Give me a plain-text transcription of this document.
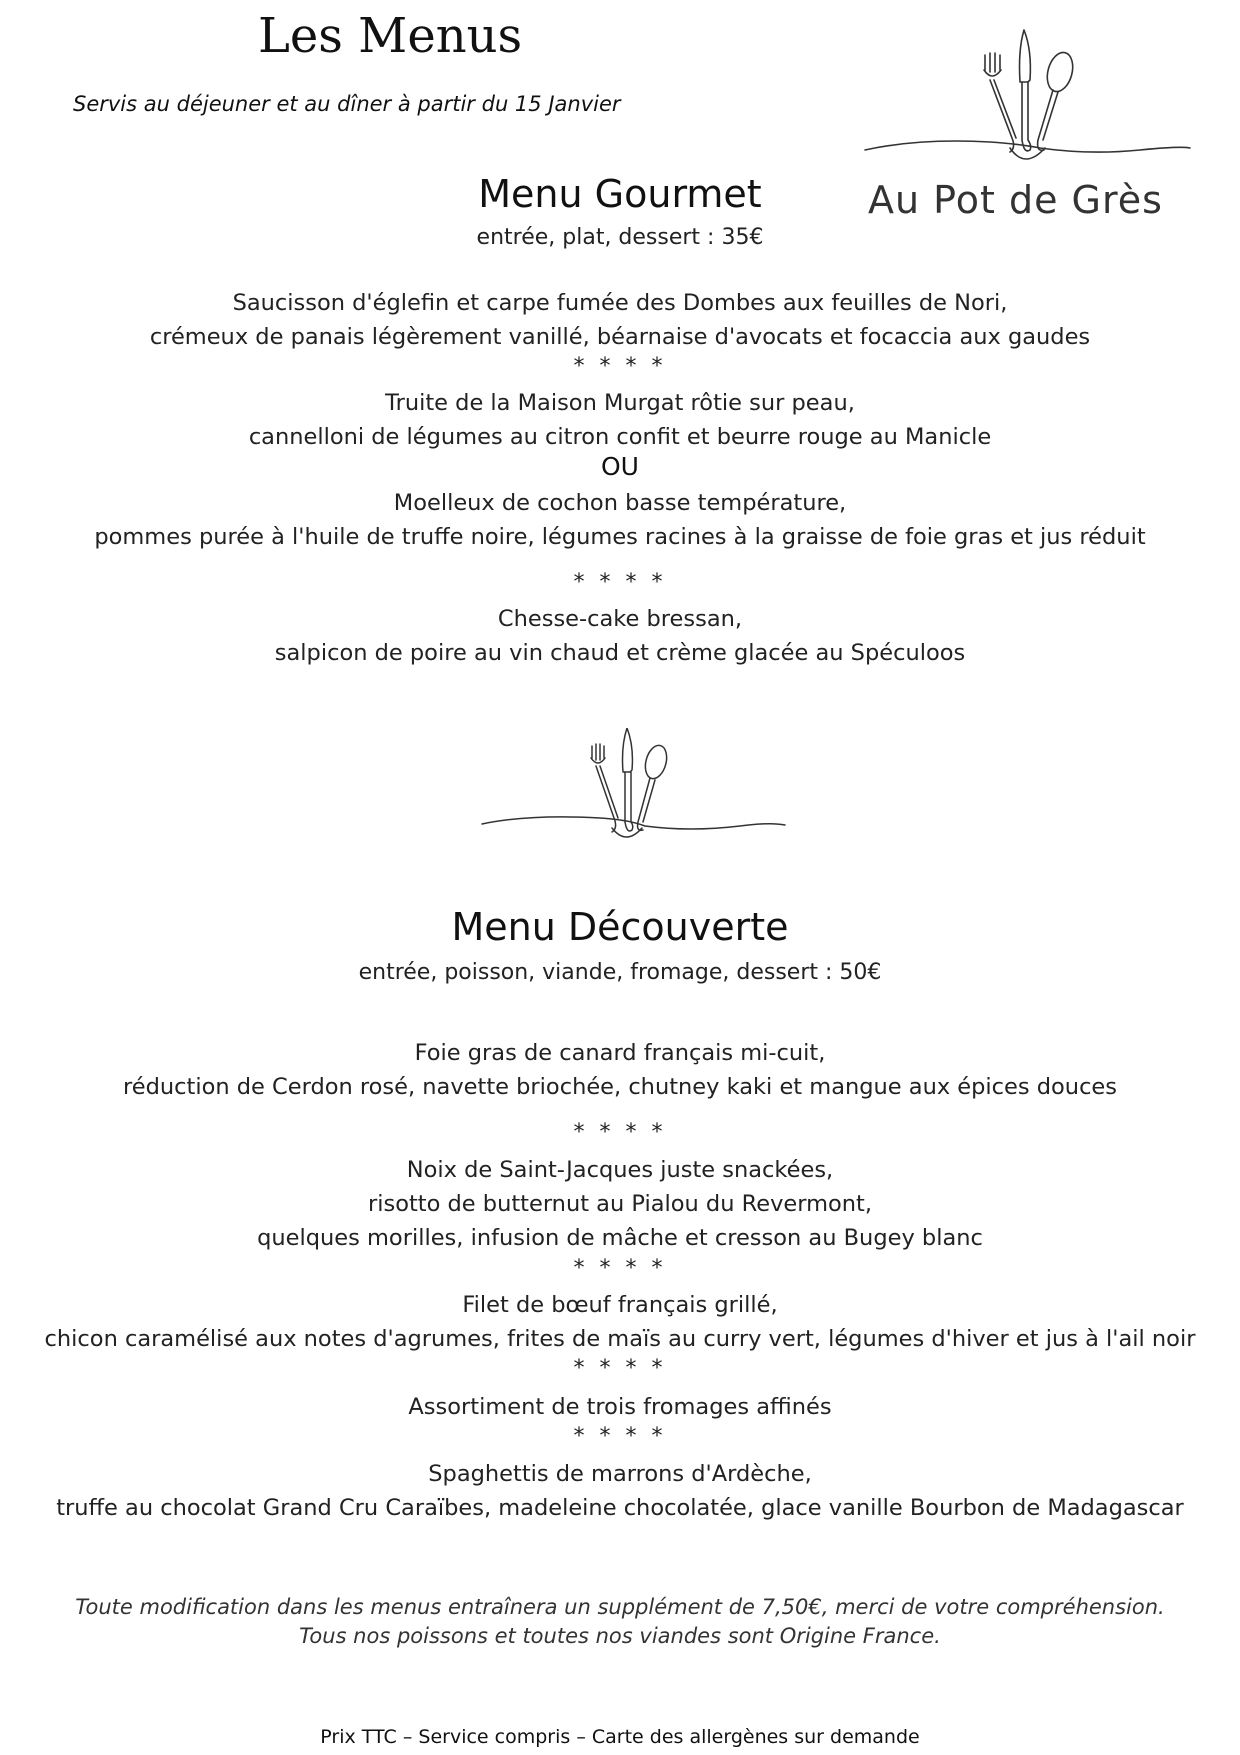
Les Menus
Servis au déjeuner et au dîner à partir du 15 Janvier
Au Pot de Grès
Menu Gourmet
entrée, plat, dessert : 35€
Saucisson d'églefin et carpe fumée des Dombes aux feuilles de Nori,
crémeux de panais légèrement vanillé, béarnaise d'avocats et focaccia aux gaudes
* * * *
Truite de la Maison Murgat rôtie sur peau,
cannelloni de légumes au citron confit et beurre rouge au Manicle
OU
Moelleux de cochon basse température,
pommes purée à l'huile de truffe noire, légumes racines à la graisse de foie gras et jus réduit
* * * *
Chesse-cake bressan,
salpicon de poire au vin chaud et crème glacée au Spéculoos
Menu Découverte
entrée, poisson, viande, fromage, dessert : 50€
Foie gras de canard français mi-cuit,
réduction de Cerdon rosé, navette briochée, chutney kaki et mangue aux épices douces
* * * *
Noix de Saint-Jacques juste snackées,
risotto de butternut au Pialou du Revermont,
quelques morilles, infusion de mâche et cresson au Bugey blanc
* * * *
Filet de bœuf français grillé,
chicon caramélisé aux notes d'agrumes, frites de maïs au curry vert, légumes d'hiver et jus à l'ail noir
* * * *
Assortiment de trois fromages affinés
* * * *
Spaghettis de marrons d'Ardèche,
truffe au chocolat Grand Cru Caraïbes, madeleine chocolatée, glace vanille Bourbon de Madagascar
Toute modification dans les menus entraînera un supplément de 7,50€, merci de votre compréhension.
Tous nos poissons et toutes nos viandes sont Origine France.
Prix TTC – Service compris – Carte des allergènes sur demande
